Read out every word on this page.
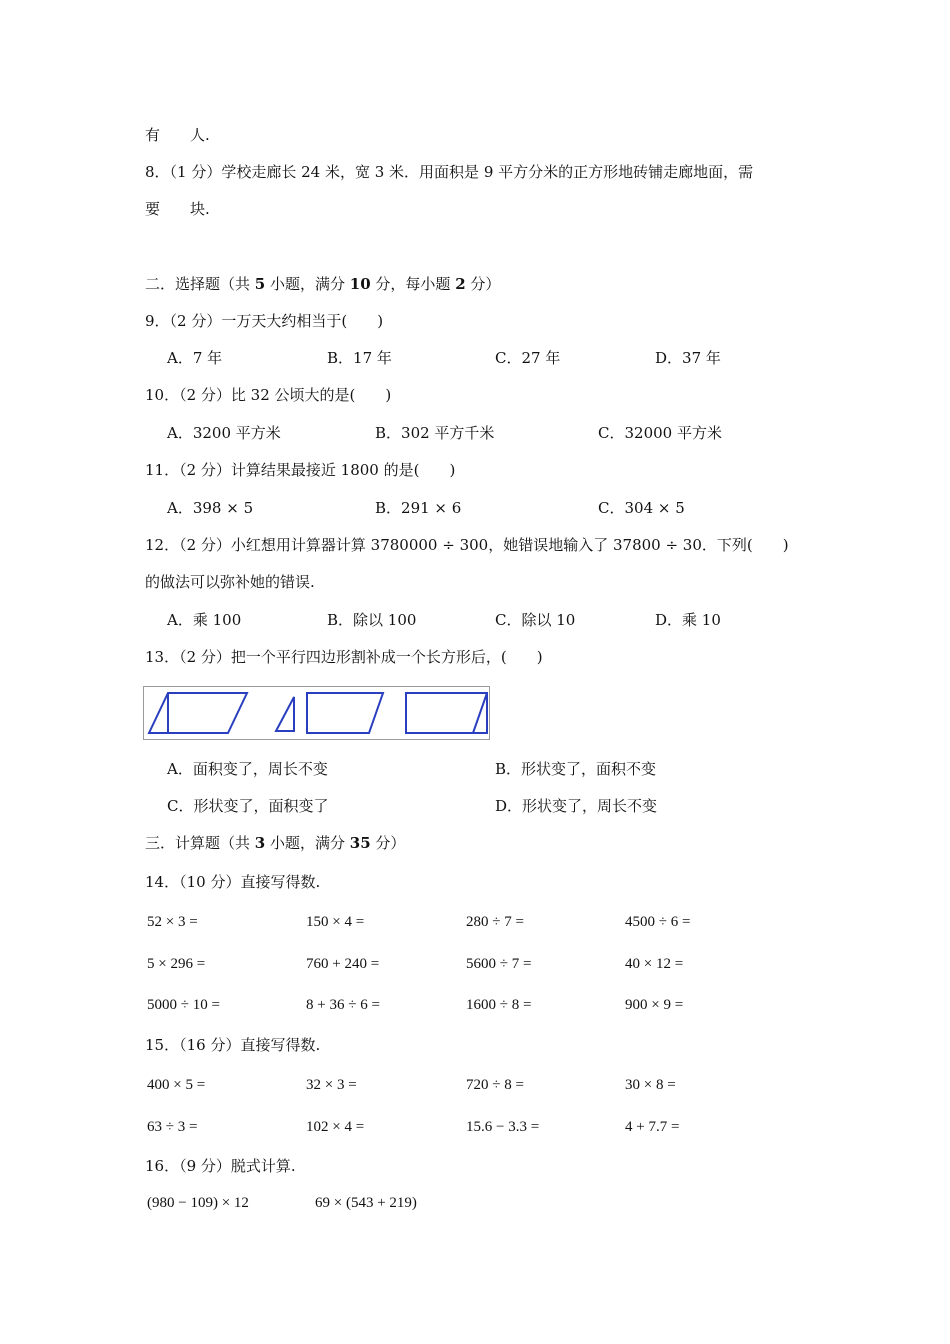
有　　人.
8．（1 分）学校走廊长 24 米，宽 3 米．用面积是 9 平方分米的正方形地砖铺走廊地面，需
要　　块.
二．选择题（共 5 小题，满分 10 分，每小题 2 分）
9．（2 分）一万天大约相当于(　　)
A．7 年	B．17 年	C．27 年	D．37 年
10．（2 分）比 32 公顷大的是(　　)
A．3200 平方米	B．302 平方千米	C．32000 平方米
11．（2 分）计算结果最接近 1800 的是(　　)
A．398 × 5	B．291 × 6	C．304 × 5
12．（2 分）小红想用计算器计算 3780000 ÷ 300，她错误地输入了 37800 ÷ 30．下列(　　)
的做法可以弥补她的错误.
A．乘 100	B．除以 100	C．除以 10	D．乘 10
13．（2 分）把一个平行四边形割补成一个长方形后，(　　)
A．面积变了，周长不变	B．形状变了，面积不变
C．形状变了，面积变了	D．形状变了，周长不变
三．计算题（共 3 小题，满分 35 分）
14．（10 分）直接写得数.
52 × 3 =	150 × 4 =	280 ÷ 7 =	4500 ÷ 6 =
5 × 296 =	760 + 240 =	5600 ÷ 7 =	40 × 12 =
5000 ÷ 10 =	8 + 36 ÷ 6 =	1600 ÷ 8 =	900 × 9 =
15．（16 分）直接写得数.
400 × 5 =	32 × 3 =	720 ÷ 8 =	30 × 8 =
63 ÷ 3 =	102 × 4 =	15.6 − 3.3 =	4 + 7.7 =
16．（9 分）脱式计算.
(980 − 109) × 12	69 × (543 + 219)
